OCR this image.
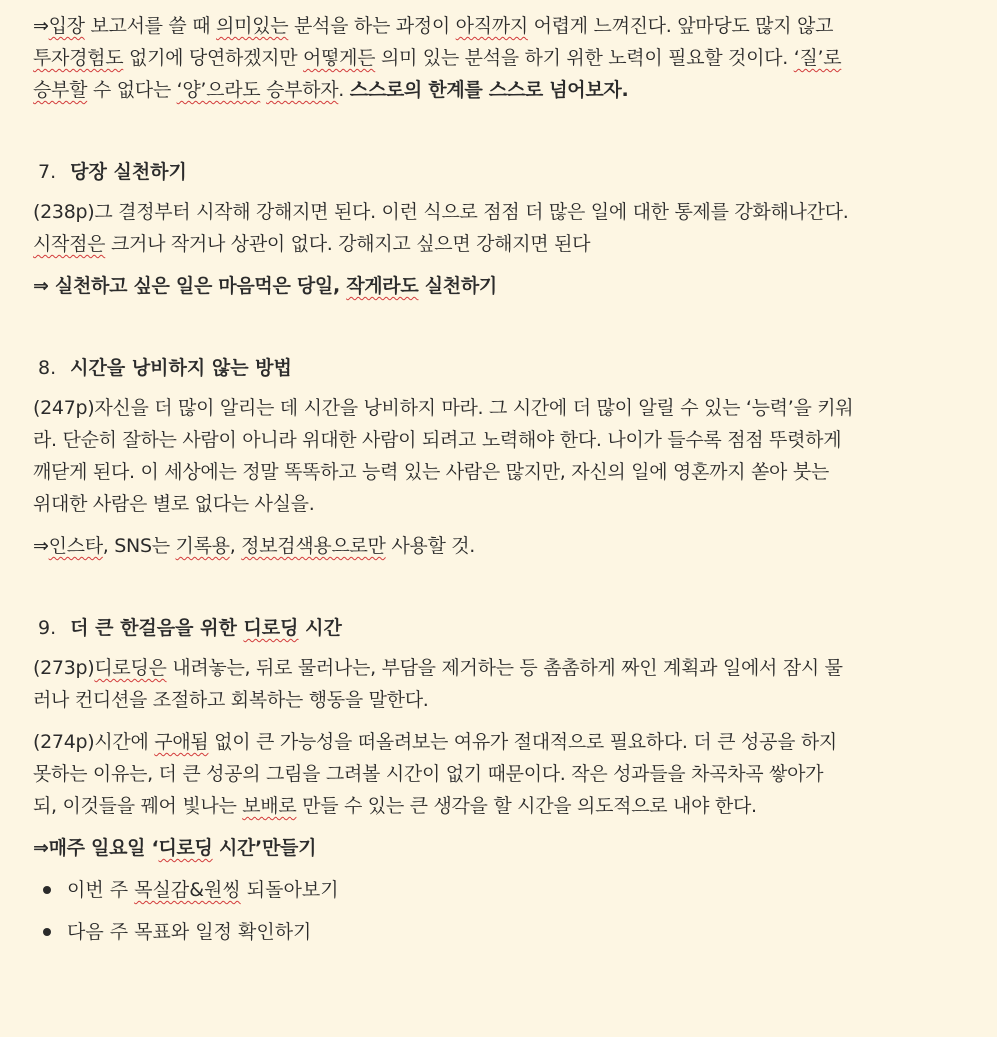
⇒입장 보고서를 쓸 때 의미있는 분석을 하는 과정이 아직까지 어렵게 느껴진다. 앞마당도 많지 않고
투자경험도 없기에 당연하겠지만 어떻게든 의미 있는 분석을 하기 위한 노력이 필요할 것이다. ‘질’로
승부할 수 없다는 ‘양’으라도 승부하자. 스스로의 한계를 스스로 넘어보자.
7. 당장 실천하기
(238p)그 결정부터 시작해 강해지면 된다. 이런 식으로 점점 더 많은 일에 대한 통제를 강화해나간다.
시작점은 크거나 작거나 상관이 없다. 강해지고 싶으면 강해지면 된다
⇒ 실천하고 싶은 일은 마음먹은 당일, 작게라도 실천하기
8. 시간을 낭비하지 않는 방법
(247p)자신을 더 많이 알리는 데 시간을 낭비하지 마라. 그 시간에 더 많이 알릴 수 있는 ‘능력’을 키워
라. 단순히 잘하는 사람이 아니라 위대한 사람이 되려고 노력해야 한다. 나이가 들수록 점점 뚜렷하게
깨닫게 된다. 이 세상에는 정말 똑똑하고 능력 있는 사람은 많지만, 자신의 일에 영혼까지 쏟아 붓는
위대한 사람은 별로 없다는 사실을.
⇒인스타, SNS는 기록용, 정보검색용으로만 사용할 것.
9. 더 큰 한걸음을 위한 디로딩 시간
(273p)디로딩은 내려놓는, 뒤로 물러나는, 부담을 제거하는 등 촘촘하게 짜인 계획과 일에서 잠시 물
러나 컨디션을 조절하고 회복하는 행동을 말한다.
(274p)시간에 구애됨 없이 큰 가능성을 떠올려보는 여유가 절대적으로 필요하다. 더 큰 성공을 하지
못하는 이유는, 더 큰 성공의 그림을 그려볼 시간이 없기 때문이다. 작은 성과들을 차곡차곡 쌓아가
되, 이것들을 꿰어 빛나는 보배로 만들 수 있는 큰 생각을 할 시간을 의도적으로 내야 한다.
⇒매주 일요일 ‘디로딩 시간’만들기
이번 주 목실감&원씽 되돌아보기
다음 주 목표와 일정 확인하기
